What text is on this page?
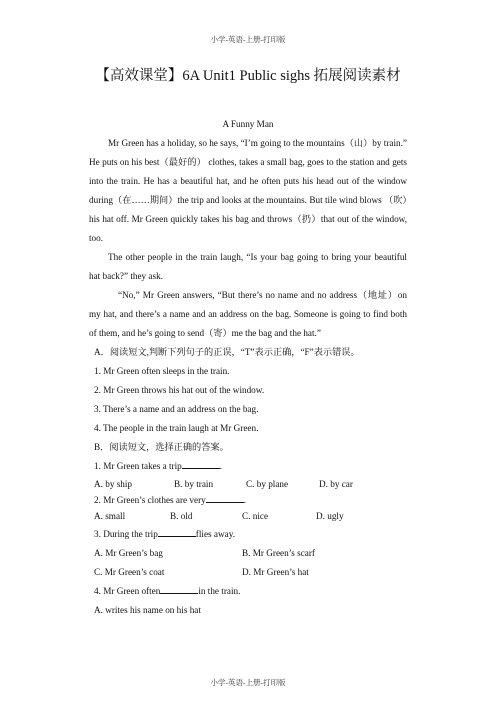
小学-英语-上册-打印版
【高效课堂】6A Unit1 Public sighs 拓展阅读素材
A Funny Man
Mr Green has a holiday, so he says, “I’m going to the mountains（山）by train.” He puts on his best（最好的） clothes, takes a small bag, goes to the station and gets into the train. He has a beautiful hat, and he often puts his head out of the window during（在……期间）the trip and looks at the mountains. But tile wind blows （吹）his hat off. Mr Green quickly takes his bag and throws（扔）that out of the window, too.
The other people in the train laugh, “Is your bag going to bring your beautiful hat back?” they ask.
“No,” Mr Green answers, “But there’s no name and no address（地址）on my hat, and there’s a name and an address on the bag. Someone is going to find both of them, and he’s going to send（寄）me the bag and the hat.”
A．阅读短文,判断下列句子的正误，“T”表示正确，“F”表示错误。
1. Mr Green often sleeps in the train.
2. Mr Green throws his hat out of the window.
3. There’s a name and an address on the bag.
4. The people in the train laugh at Mr Green.
B．阅读短文，选择正确的答案。
1. Mr Green takes a trip	.
A. by ship	B. by train	C. by plane	D. by car
2. Mr Green’s clothes are very	.
A. small	B. old	C. nice	D. ugly
3. During the trip	flies away.
A. Mr Green’s bag	B. Mr Green’s scarf
C. Mr Green’s coat	D. Mr Green’s hat
4. Mr Green often	in the train.
A. writes his name on his hat
小学-英语-上册-打印版
